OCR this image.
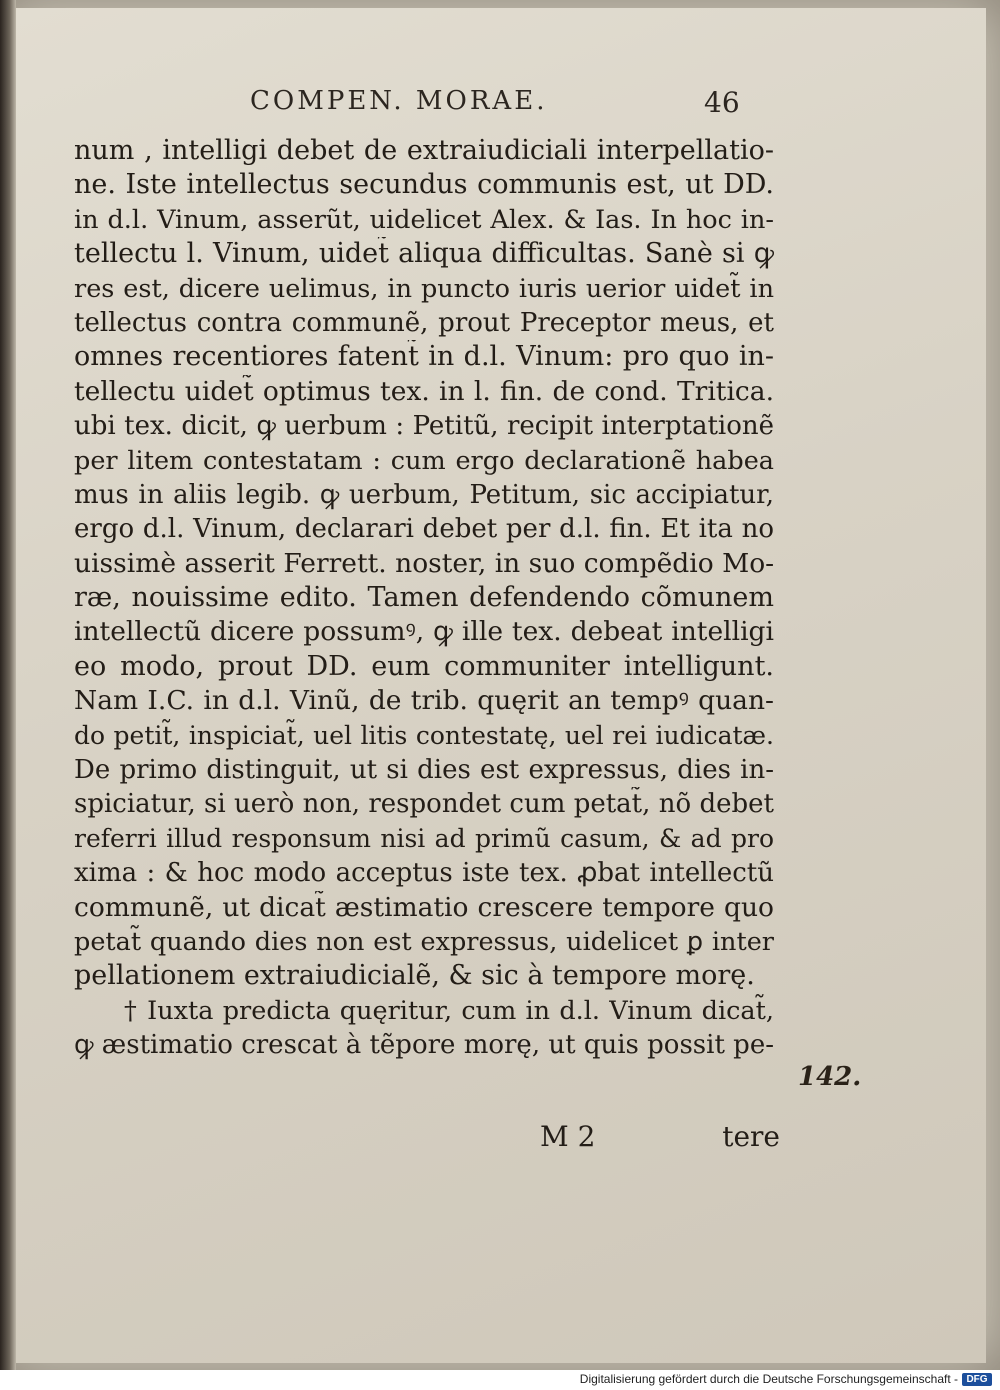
COMPEN. MORAE.	46
num , intelligi debet de extraiudiciali interpellatio-
ne. Iste intellectus secundus communis est, ut DD.
in d.l. Vinum, asserũt, uidelicet Alex. & Ias. In hoc in-
tellectu l. Vinum, uidet̃ aliqua difficultas. Sanè si ꝙ
res est, dicere uelimus, in puncto iuris uerior uidet̃ in
tellectus contra communẽ, prout Preceptor meus, et
omnes recentiores fatent̃ in d.l. Vinum: pro quo in-
tellectu uidet̃ optimus tex. in l. fin. de cond. Tritica.
ubi tex. dicit, ꝙ uerbum : Petitũ, recipit interptationẽ
per litem contestatam : cum ergo declarationẽ habea
mus in aliis legib. ꝙ uerbum, Petitum, sic accipiatur,
ergo d.l. Vinum, declarari debet per d.l. fin. Et ita no
uissimè asserit Ferrett. noster, in suo compẽdio Mo-
ræ, nouissime edito. Tamen defendendo cõmunem
intellectũ dicere possumꝰ, ꝙ ille tex. debeat intelligi
eo modo, prout DD. eum communiter intelligunt.
Nam I.C. in d.l. Vinũ, de trib. quęrit an tempꝰ quan-
do petit̃, inspiciat̃, uel litis contestatę, uel rei iudicatæ.
De primo distinguit, ut si dies est expressus, dies in-
spiciatur, si uerò non, respondet cum petat̃, nõ debet
referri illud responsum nisi ad primũ casum, & ad pro
xima : & hoc modo acceptus iste tex. ꝓbat intellectũ
communẽ, ut dicat̃ æstimatio crescere tempore quo
petat̃ quando dies non est expressus, uidelicet ꝑ inter
pellationem extraiudicialẽ, & sic à tempore morę.
† Iuxta predicta quęritur, cum in d.l. Vinum dicat̃,
ꝙ æstimatio crescat à tẽpore morę, ut quis possit pe-
M 2	tere
142.
Digitalisierung gefördert durch die Deutsche Forschungsgemeinschaft - DFG
